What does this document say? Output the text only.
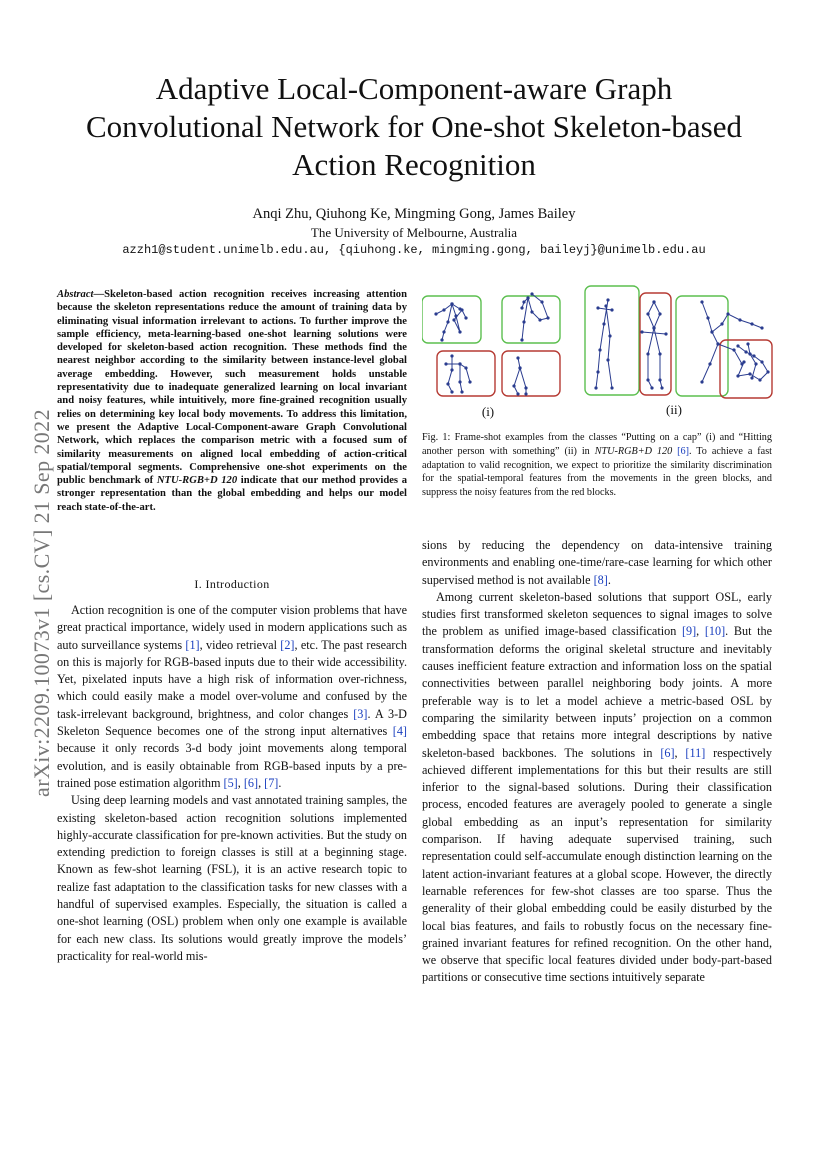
Adaptive Local-Component-aware Graph
Convolutional Network for One-shot Skeleton-based
Action Recognition
Anqi Zhu, Qiuhong Ke, Mingming Gong, James Bailey
The University of Melbourne, Australia
azzh1@student.unimelb.edu.au, {qiuhong.ke, mingming.gong, baileyj}@unimelb.edu.au
arXiv:2209.10073v1 [cs.CV] 21 Sep 2022
Abstract—Skeleton-based action recognition receives increasing attention because the skeleton representations reduce the amount of training data by eliminating visual information irrelevant to actions. To further improve the sample efficiency, meta-learning-based one-shot learning solutions were developed for skeleton-based action recognition. These methods find the nearest neighbor according to the similarity between instance-level global average embedding. However, such measurement holds unstable representativity due to inadequate generalized learning on local invariant and noisy features, while intuitively, more fine-grained recognition usually relies on determining key local body movements. To address this limitation, we present the Adaptive Local-Component-aware Graph Convolutional Network, which replaces the comparison metric with a focused sum of similarity measurements on aligned local embedding of action-critical spatial/temporal segments. Comprehensive one-shot experiments on the public benchmark of NTU-RGB+D 120 indicate that our method provides a stronger representation than the global embedding and helps our model reach state-of-the-art.
I. Introduction

Action recognition is one of the computer vision problems that have great practical importance, widely used in modern applications such as auto surveillance systems [1], video retrieval [2], etc. The past research on this is majorly for RGB-based inputs due to their wide accessibility. Yet, pixelated inputs have a high risk of information over-richness, which could easily make a model over-volume and confused by the task-irrelevant background, brightness, and color changes [3]. A 3-D Skeleton Sequence becomes one of the strong input alternatives [4] because it only records 3-d body joint movements along temporal evolution, and is easily obtainable from RGB-based inputs by a pre-trained pose estimation algorithm [5], [6], [7].

Using deep learning models and vast annotated training samples, the existing skeleton-based action recognition solutions implemented highly-accurate classification for pre-known activities. But the study on extending prediction to foreign classes is still at a beginning stage. Known as few-shot learning (FSL), it is an active research topic to realize fast adaptation to the classification tasks for new classes with a handful of supervised examples. Especially, the situation is called a one-shot learning (OSL) problem when only one example is available for each new class. Its solutions would greatly improve the models’ practicality for real-world mis-

(i)	(ii)
Fig. 1: Frame-shot examples from the classes “Putting on a cap” (i) and “Hitting another person with something” (ii) in NTU-RGB+D 120 [6]. To achieve a fast adaptation to valid recognition, we expect to prioritize the similarity discrimination for the spatial-temporal features from the movements in the green blocks, and suppress the noisy features from the red blocks.

sions by reducing the dependency on data-intensive training environments and enabling one-time/rare-case learning for which other supervised method is not available [8].

Among current skeleton-based solutions that support OSL, early studies first transformed skeleton sequences to signal images to solve the problem as unified image-based classification [9], [10]. But the transformation deforms the original skeletal structure and inevitably causes inefficient feature extraction and information loss on the spatial connectivities between parallel neighboring body joints. A more preferable way is to let a model achieve a metric-based OSL by comparing the similarity between inputs’ projection on a common embedding space that retains more integral descriptions by native skeleton-based backbones. The solutions in [6], [11] respectively achieved different implementations for this but their results are still inferior to the signal-based solutions. During their classification process, encoded features are averagely pooled to generate a single global embedding as an input’s representation for similarity comparison. If having adequate supervised training, such representation could self-accumulate enough distinction learning on the latent action-invariant features at a global scope. However, the directly learnable references for few-shot classes are too sparse. Thus the generality of their global embedding could be easily disturbed by the local bias features, and fails to robustly focus on the necessary fine-grained invariant features for refined recognition. On the other hand, we observe that specific local features divided under body-part-based partitions or consecutive time sections intuitively separate
